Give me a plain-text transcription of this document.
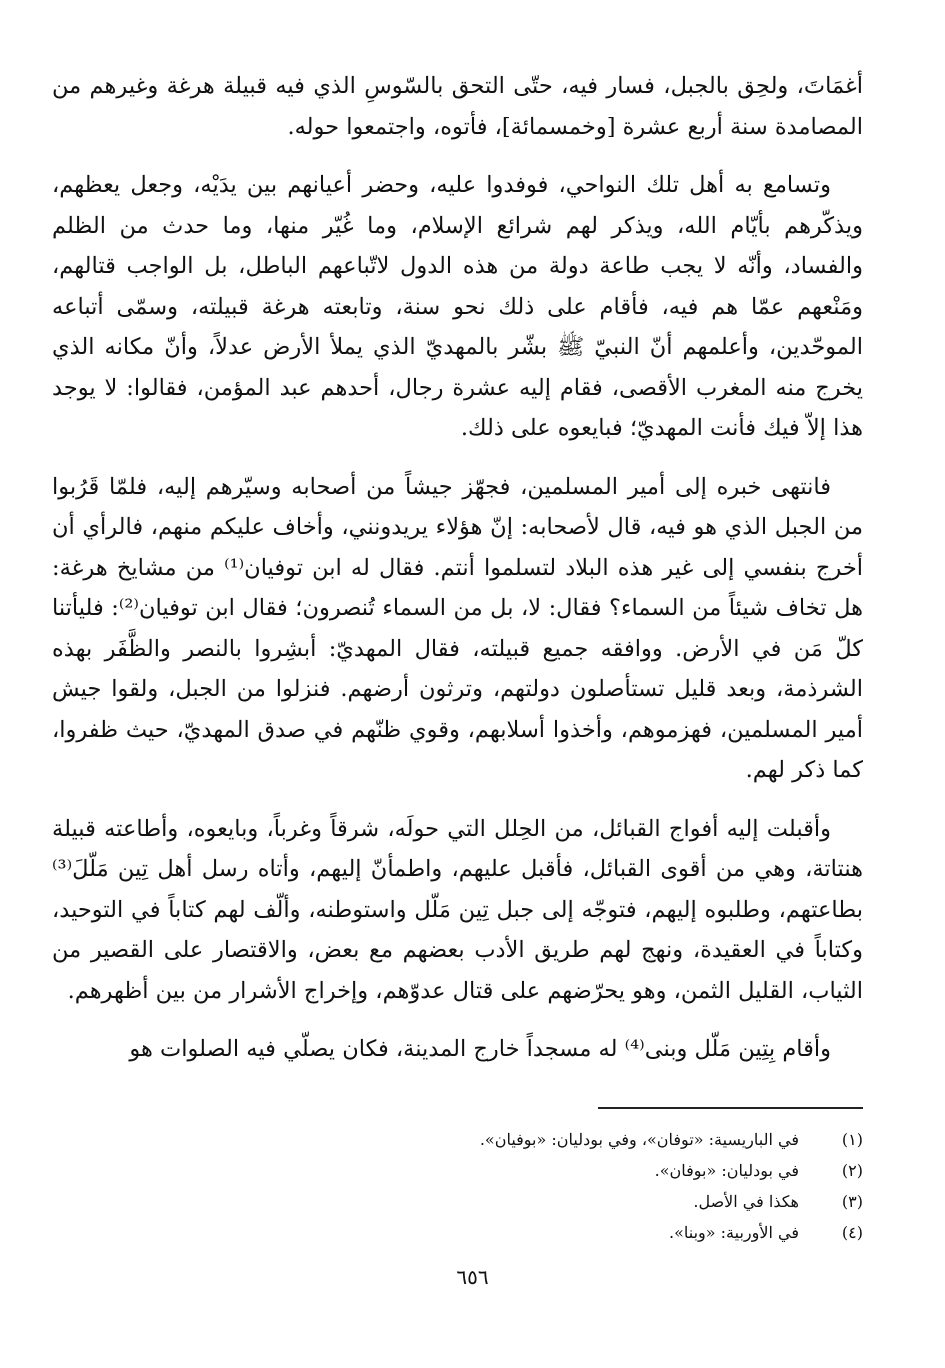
أغمَاتَ، ولحِق بالجبل، فسار فيه، حتّى التحق بالسّوسِ الذي فيه قبيلة هرغة وغيرهم من المصامدة سنة أربع عشرة [وخمسمائة]، فأتوه، واجتمعوا حوله.

وتسامع به أهل تلك النواحي، فوفدوا عليه، وحضر أعيانهم بين يدَيْه، وجعل يعظهم، ويذكّرهم بأيّام الله، ويذكر لهم شرائع الإسلام، وما غُيّر منها، وما حدث من الظلم والفساد، وأنّه لا يجب طاعة دولة من هذه الدول لاتّباعهم الباطل، بل الواجب قتالهم، ومَنْعهم عمّا هم فيه، فأقام على ذلك نحو سنة، وتابعته هرغة قبيلته، وسمّى أتباعه الموحّدين، وأعلمهم أنّ النبيّ ﷺ بشّر بالمهديّ الذي يملأ الأرض عدلاً، وأنّ مكانه الذي يخرج منه المغرب الأقصى، فقام إليه عشرة رجال، أحدهم عبد المؤمن، فقالوا: لا يوجد هذا إلاّ فيك فأنت المهديّ؛ فبايعوه على ذلك.

فانتهى خبره إلى أمير المسلمين، فجهّز جيشاً من أصحابه وسيّرهم إليه، فلمّا قَرُبوا من الجبل الذي هو فيه، قال لأصحابه: إنّ هؤلاء يريدونني، وأخاف عليكم منهم، فالرأي أن أخرج بنفسي إلى غير هذه البلاد لتسلموا أنتم. فقال له ابن توفيان⁽¹⁾ من مشايخ هرغة: هل تخاف شيئاً من السماء؟ فقال: لا، بل من السماء تُنصرون؛ فقال ابن توفيان⁽²⁾: فليأتنا كلّ مَن في الأرض. ووافقه جميع قبيلته، فقال المهديّ: أبشِروا بالنصر والظَّفَر بهذه الشرذمة، وبعد قليل تستأصلون دولتهم، وترثون أرضهم. فنزلوا من الجبل، ولقوا جيش أمير المسلمين، فهزموهم، وأخذوا أسلابهم، وقوي ظنّهم في صدق المهديّ، حيث ظفروا، كما ذكر لهم.

وأقبلت إليه أفواج القبائل، من الحِلل التي حولَه، شرقاً وغرباً، وبايعوه، وأطاعته قبيلة هنتاتة، وهي من أقوى القبائل، فأقبل عليهم، واطمأنّ إليهم، وأتاه رسل أهل تِين مَلّلَ⁽³⁾ بطاعتهم، وطلبوه إليهم، فتوجّه إلى جبل تِين مَلّل واستوطنه، وألّف لهم كتاباً في التوحيد، وكتاباً في العقيدة، ونهج لهم طريق الأدب بعضهم مع بعض، والاقتصار على القصير من الثياب، القليل الثمن، وهو يحرّضهم على قتال عدوّهم، وإخراج الأشرار من بين أظهرهم.

وأقام بِتِين مَلّل وبنى⁽⁴⁾ له مسجداً خارج المدينة، فكان يصلّي فيه الصلوات هو

(١)
في الباريسية: «توفان»، وفي بودليان: «بوفيان».
(٢)
في بودليان: «بوفان».
(٣)
هكذا في الأصل.
(٤)
في الأوربية: «وبنا».
٦٥٦
